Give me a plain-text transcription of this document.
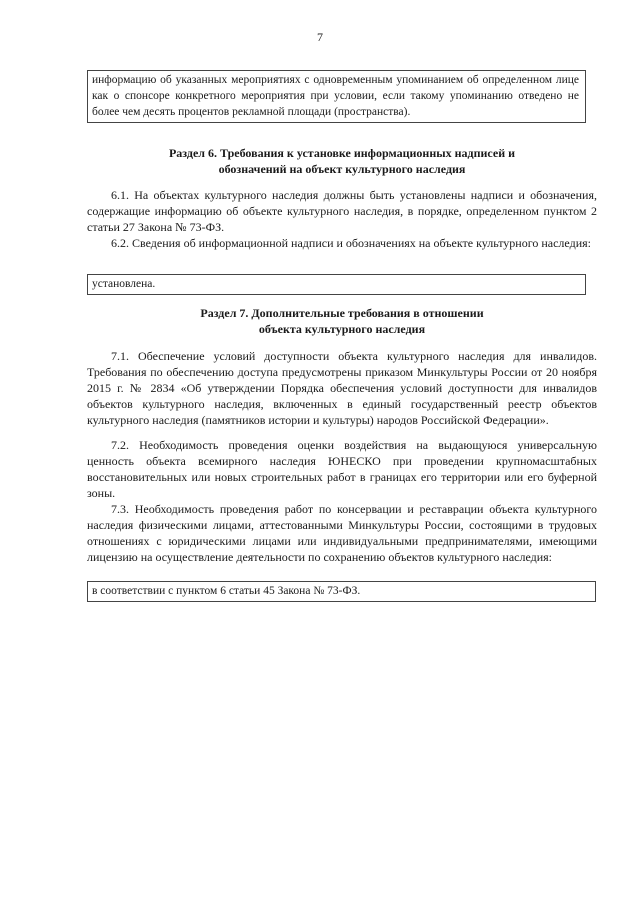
7
информацию об указанных мероприятиях с одновременным упоминанием об определенном лице как о спонсоре конкретного мероприятия при условии, если такому упоминанию отведено не более чем десять процентов рекламной площади (пространства).
Раздел 6. Требования к установке информационных надписей и
обозначений на объект культурного наследия
6.1. На объектах культурного наследия должны быть установлены надписи и обозначения, содержащие информацию об объекте культурного наследия, в порядке, определенном пунктом 2 статьи 27 Закона № 73-ФЗ.
6.2. Сведения об информационной надписи и обозначениях на объекте культурного наследия:
установлена.
Раздел 7. Дополнительные требования в отношении
объекта культурного наследия
7.1. Обеспечение условий доступности объекта культурного наследия для инвалидов. Требования по обеспечению доступа предусмотрены приказом Минкультуры России от 20 ноября 2015 г. № 2834 «Об утверждении Порядка обеспечения условий доступности для инвалидов объектов культурного наследия, включенных в единый государственный реестр объектов культурного наследия (памятников истории и культуры) народов Российской Федерации».
7.2. Необходимость проведения оценки воздействия на выдающуюся универсальную ценность объекта всемирного наследия ЮНЕСКО при проведении крупномасштабных восстановительных или новых строительных работ в границах его территории или его буферной зоны.
7.3. Необходимость проведения работ по консервации и реставрации объекта культурного наследия физическими лицами, аттестованными Минкультуры России, состоящими в трудовых отношениях с юридическими лицами или индивидуальными предпринимателями, имеющими лицензию на осуществление деятельности по сохранению объектов культурного наследия:
в соответствии с пунктом 6 статьи 45 Закона № 73-ФЗ.
